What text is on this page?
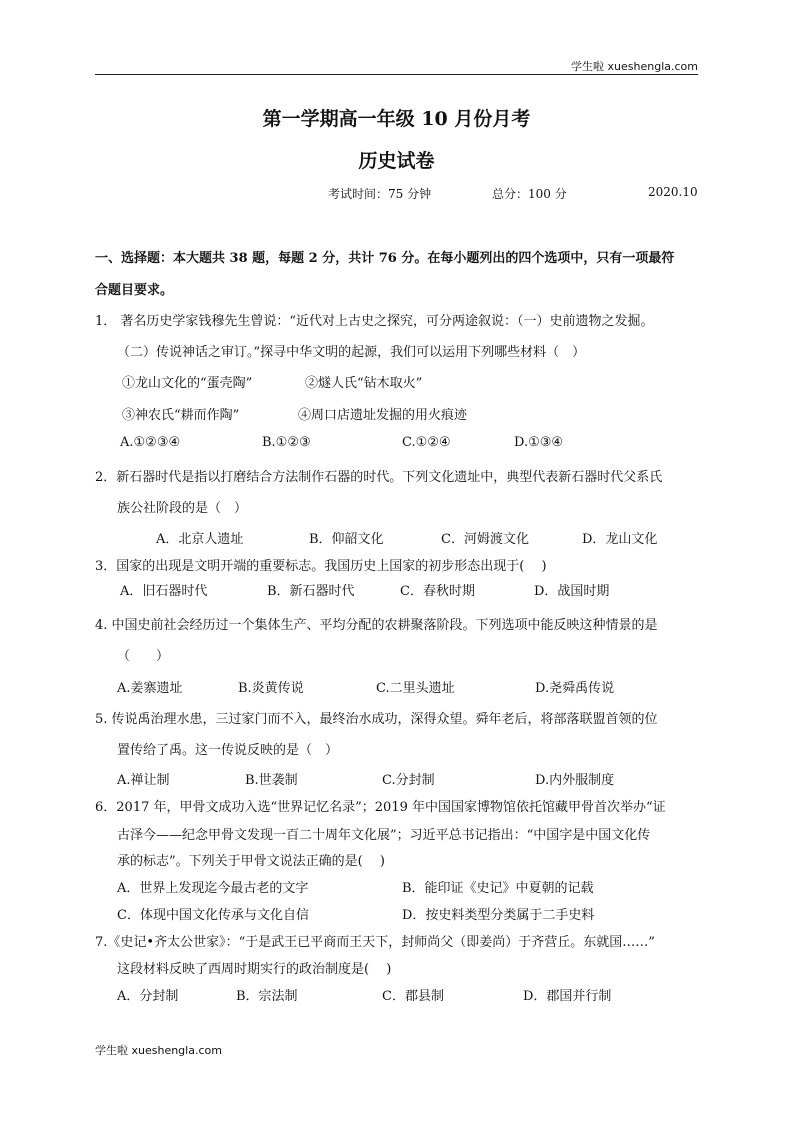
学生啦 xueshengla.com
第一学期高一年级 10 月份月考
历史试卷
考试时间：75 分钟	总分：100 分	2020.10
一、选择题：本大题共 38 题，每题 2 分，共计 76 分。在每小题列出的四个选项中，只有一项最符
合题目要求。
1． 著名历史学家钱穆先生曾说：“近代对上古史之探究，可分两途叙说：（一）史前遗物之发掘。
（二）传说神话之审订。”探寻中华文明的起源，我们可以运用下列哪些材料（　）
①龙山文化的“蛋壳陶”	②燧人氏“钻木取火”
③神农氏“耕而作陶”	④周口店遗址发掘的用火痕迹
A.①②③④	B.①②③	C.①②④	D.①③④
2．新石器时代是指以打磨结合方法制作石器的时代。下列文化遗址中，典型代表新石器时代父系氏
族公社阶段的是（　）
A．北京人遗址	B．仰韶文化	C．河姆渡文化	D．龙山文化
3．国家的出现是文明开端的重要标志。我国历史上国家的初步形态出现于(　 )
A．旧石器时代	B．新石器时代	C．春秋时期	D．战国时期
4. 中国史前社会经历过一个集体生产、平均分配的农耕聚落阶段。下列选项中能反映这种情景的是
（　　）
A.姜寨遗址	B.炎黄传说	C.二里头遗址	D.尧舜禹传说
5. 传说禹治理水患，三过家门而不入，最终治水成功，深得众望。舜年老后，将部落联盟首领的位
置传给了禹。这一传说反映的是（　）
A.禅让制	B.世袭制	C.分封制	D.内外服制度
6．2017 年，甲骨文成功入选“世界记忆名录”；2019 年中国国家博物馆依托馆藏甲骨首次举办“证
古泽今——纪念甲骨文发现一百二十周年文化展”；习近平总书记指出：“中国字是中国文化传
承的标志”。下列关于甲骨文说法正确的是(　 )
A．世界上发现迄今最古老的文字	B．能印证《史记》中夏朝的记载
C．体现中国文化传承与文化自信	D．按史料类型分类属于二手史料
7.《史记•齐太公世家》：“于是武王已平商而王天下，封师尚父（即姜尚）于齐营丘。东就国……”
这段材料反映了西周时期实行的政治制度是(　 )
A．分封制	B．宗法制	C．郡县制	D．郡国并行制
学生啦 xueshengla.com
